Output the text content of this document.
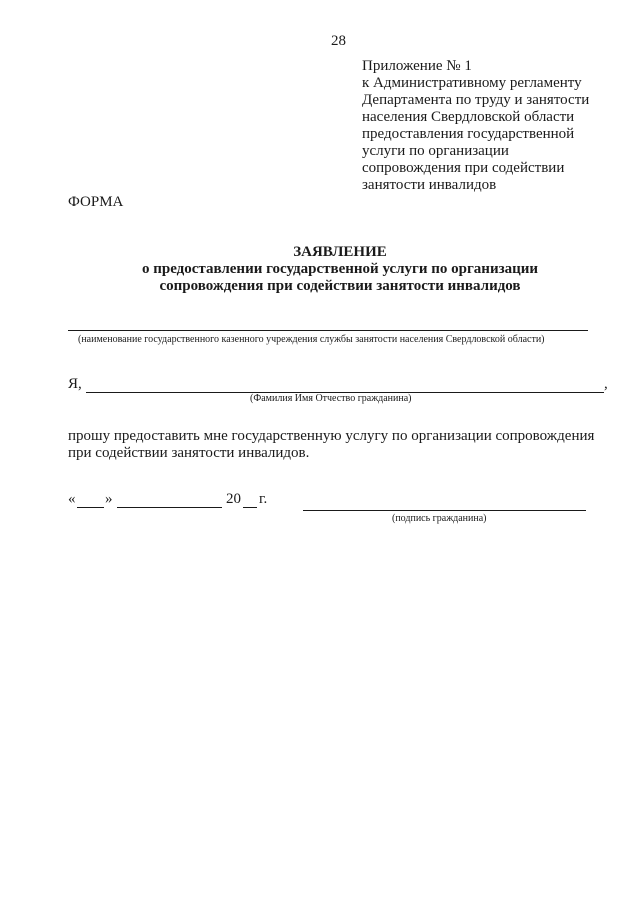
28
Приложение № 1
к Административному регламенту
Департамента по труду и занятости
населения Свердловской области
предоставления государственной
услуги по организации
сопровождения при содействии
занятости инвалидов
ФОРМА
ЗАЯВЛЕНИЕ
о предоставлении государственной услуги по организации
сопровождения при содействии занятости инвалидов
(наименование государственного казенного учреждения службы занятости населения Свердловской области)
Я,	,
(Фамилия Имя Отчество гражданина)
прошу предоставить мне государственную услугу по организации сопровождения при содействии занятости инвалидов.
« »	20 г.
(подпись гражданина)
